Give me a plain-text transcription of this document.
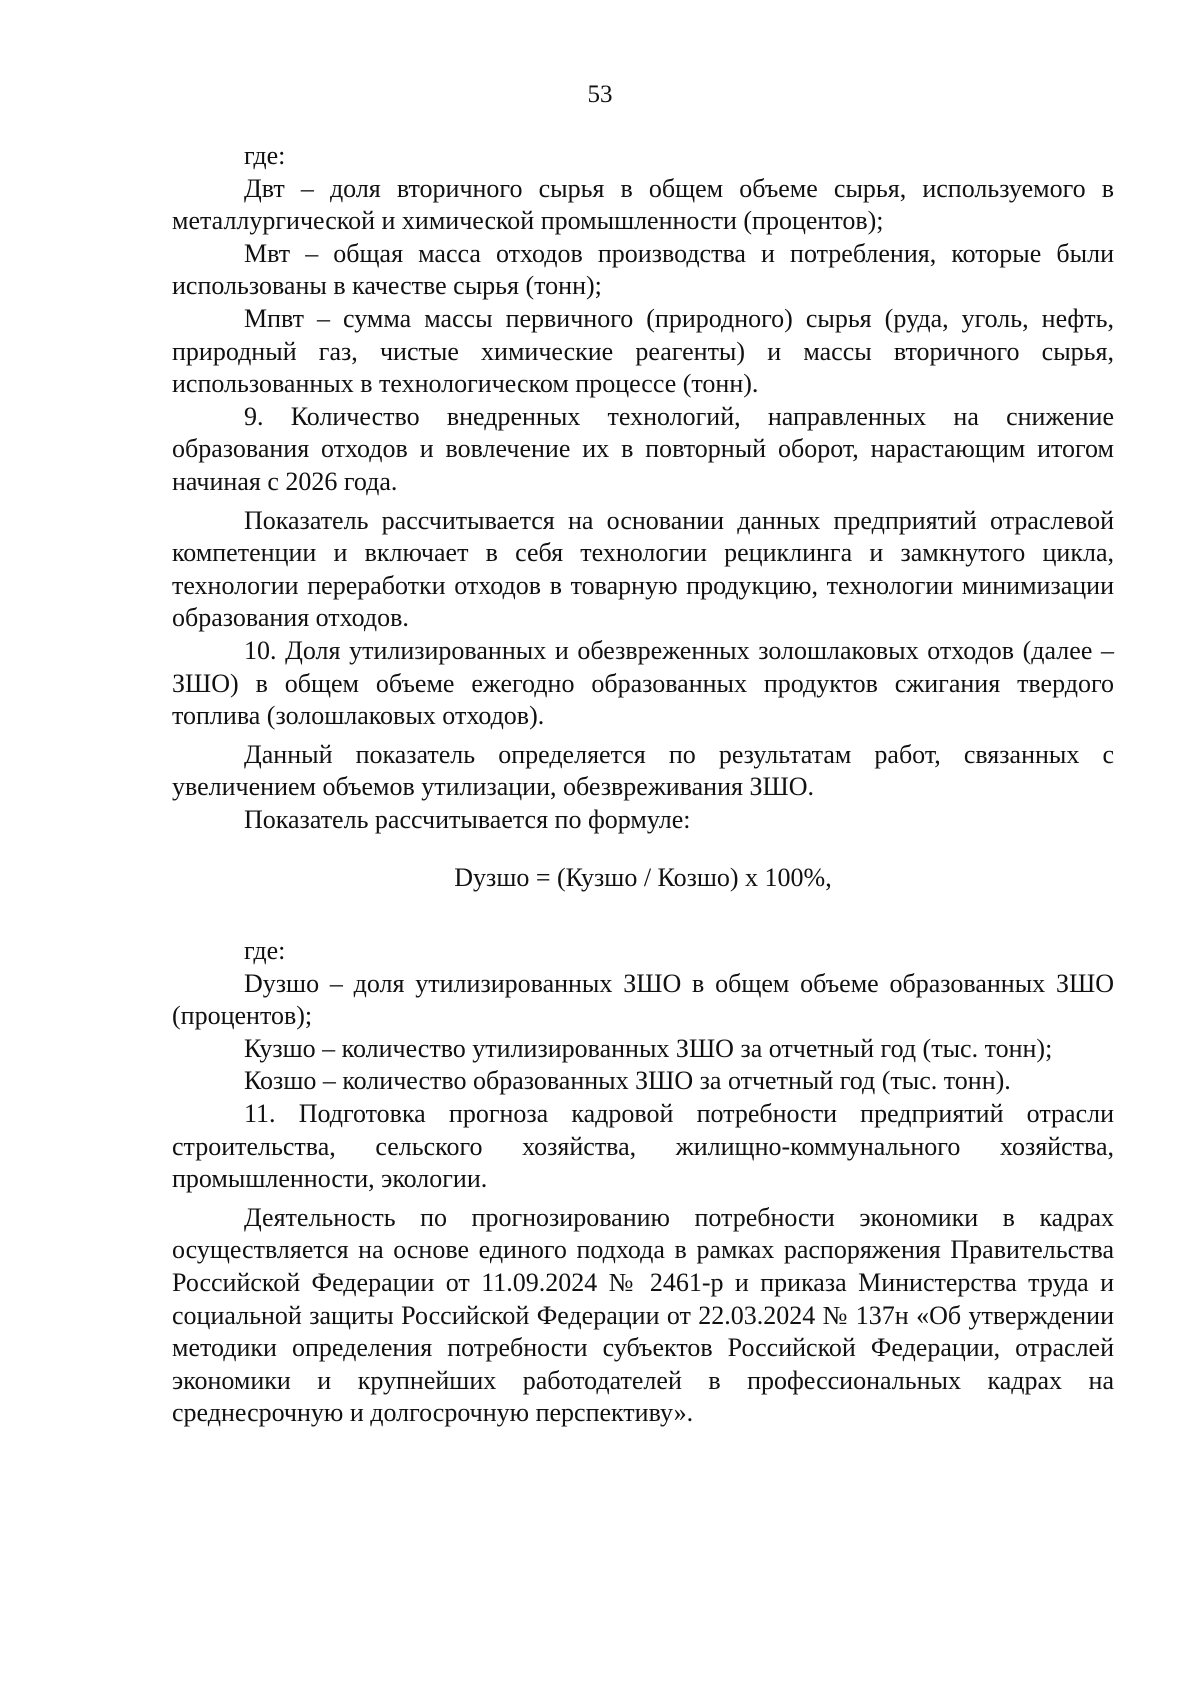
53

где:

Двт – доля вторичного сырья в общем объеме сырья, используемого в металлургической и химической промышленности (процентов);

Мвт – общая масса отходов производства и потребления, которые были использованы в качестве сырья (тонн);

Мпвт – сумма массы первичного (природного) сырья (руда, уголь, нефть, природный газ, чистые химические реагенты) и массы вторичного сырья, использованных в технологическом процессе (тонн).

9. Количество внедренных технологий, направленных на снижение образования отходов и вовлечение их в повторный оборот, нарастающим итогом начиная с 2026 года.

Показатель рассчитывается на основании данных предприятий отраслевой компетенции и включает в себя технологии рециклинга и замкнутого цикла, технологии переработки отходов в товарную продукцию, технологии минимизации образования отходов.

10. Доля утилизированных и обезвреженных золошлаковых отходов (далее – ЗШО) в общем объеме ежегодно образованных продуктов сжигания твердого топлива (золошлаковых отходов).

Данный показатель определяется по результатам работ, связанных с увеличением объемов утилизации, обезвреживания ЗШО.

Показатель рассчитывается по формуле:

Dузшо = (Кузшо / Козшо) х 100%,

где:

Dузшо – доля утилизированных ЗШО в общем объеме образованных ЗШО (процентов);

Кузшо – количество утилизированных ЗШО за отчетный год (тыс. тонн);

Козшо – количество образованных ЗШО за отчетный год (тыс. тонн).

11. Подготовка прогноза кадровой потребности предприятий отрасли строительства, сельского хозяйства, жилищно-коммунального хозяйства, промышленности, экологии.

Деятельность по прогнозированию потребности экономики в кадрах осуществляется на основе единого подхода в рамках распоряжения Правительства Российской Федерации от 11.09.2024 № 2461-р и приказа Министерства труда и социальной защиты Российской Федерации от 22.03.2024 № 137н «Об утверждении методики определения потребности субъектов Российской Федерации, отраслей экономики и крупнейших работодателей в профессиональных кадрах на среднесрочную и долгосрочную перспективу».
